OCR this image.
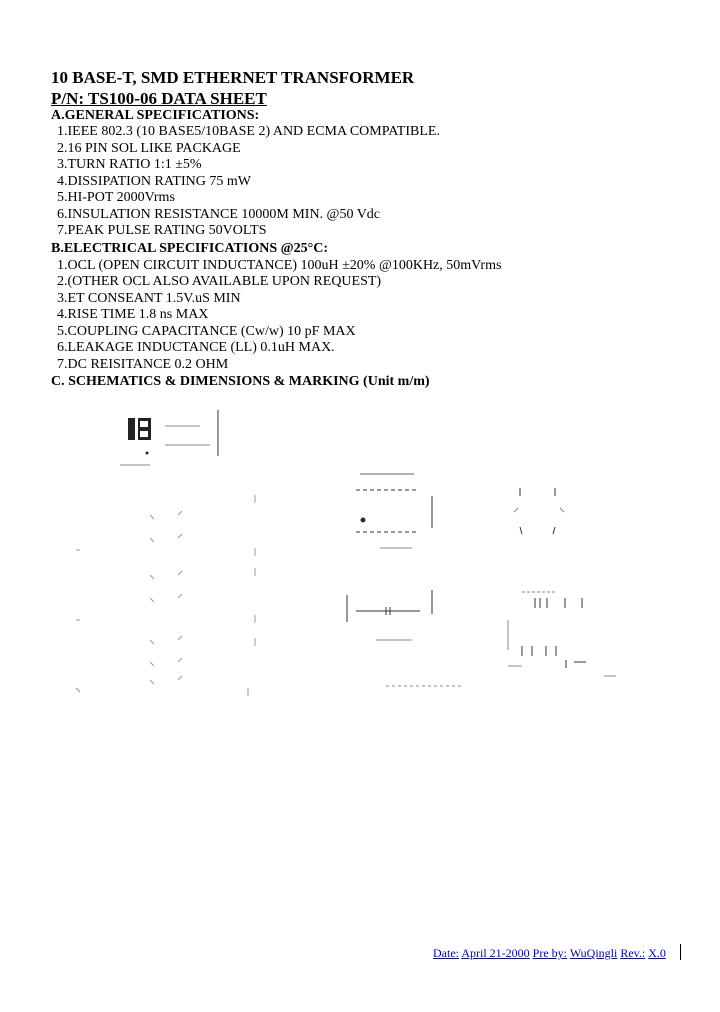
10 BASE-T, SMD ETHERNET TRANSFORMER
P/N: TS100-06 DATA SHEET
A.GENERAL SPECIFICATIONS:
1.IEEE 802.3 (10 BASE5/10BASE 2) AND ECMA COMPATIBLE.
2.16 PIN SOL LIKE PACKAGE
3.TURN RATIO 1:1 ±5%
4.DISSIPATION RATING 75 mW
5.HI-POT 2000Vrms
6.INSULATION RESISTANCE 10000M MIN. @50 Vdc
7.PEAK PULSE RATING 50VOLTS
B.ELECTRICAL SPECIFICATIONS @25°C:
1.OCL (OPEN CIRCUIT INDUCTANCE) 100uH ±20% @100KHz, 50mVrms
2.(OTHER OCL ALSO AVAILABLE UPON REQUEST)
3.ET CONSEANT 1.5V.uS MIN
4.RISE TIME 1.8 ns MAX
5.COUPLING CAPACITANCE (Cw/w) 10 pF MAX
6.LEAKAGE INDUCTANCE (LL) 0.1uH MAX.
7.DC REISITANCE 0.2 OHM
C. SCHEMATICS & DIMENSIONS & MARKING (Unit m/m)
Date: April 21-2000 Pre by: WuQingli Rev.: X.0
